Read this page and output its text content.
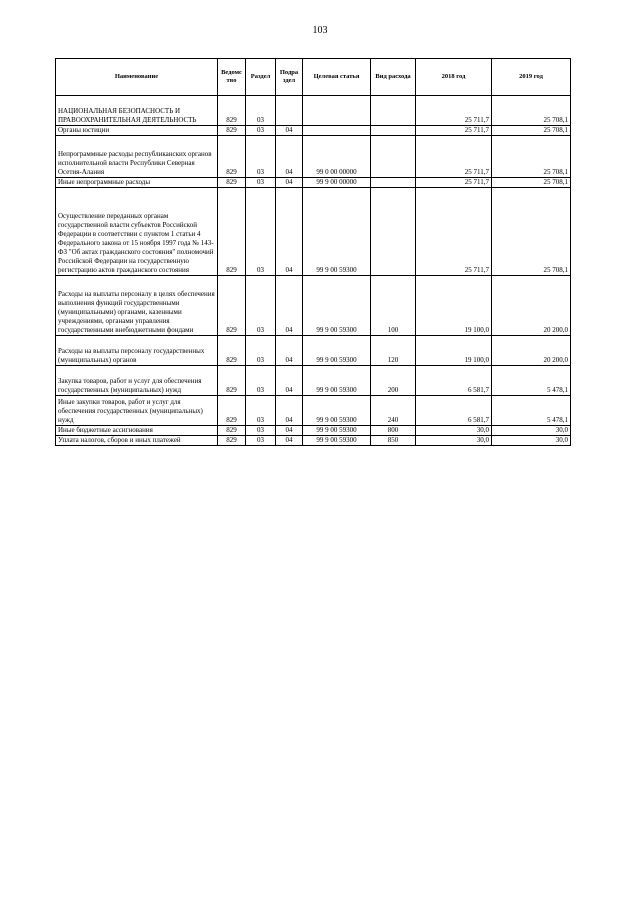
103
Наименование	Ведомс тво	Раздел	Подра здел	Целевая статья	Вид расхода	2018 год	2019 год
НАЦИОНАЛЬНАЯ БЕЗОПАСНОСТЬ И ПРАВООХРАНИТЕЛЬНАЯ ДЕЯТЕЛЬНОСТЬ	829	03				25 711,7	25 708,1
Органы юстиции	829	03	04			25 711,7	25 708,1
Непрограммные расходы республиканских органов исполнительной власти Республики Северная Осетия-Алания	829	03	04	99 0 00 00000		25 711,7	25 708,1
Иные непрограммные расходы	829	03	04	99 9 00 00000		25 711,7	25 708,1
Осуществление переданных органам государственной власти субъектов Российской Федерации в соответствии с пунктом 1 статьи 4 Федерального закона от 15 ноября 1997 года № 143-ФЗ "Об актах гражданского состояния" полномочий Российской Федерации на государственную регистрацию актов гражданского состояния	829	03	04	99 9 00 59300		25 711,7	25 708,1
Расходы на выплаты персоналу в целях обеспечения выполнения функций государственными (муниципальными) органами, казенными учреждениями, органами управления государственными внебюджетными фондами	829	03	04	99 9 00 59300	100	19 100,0	20 200,0
Расходы на выплаты персоналу государственных (муниципальных) органов	829	03	04	99 9 00 59300	120	19 100,0	20 200,0
Закупка товаров, работ и услуг для обеспечения государственных (муниципальных) нужд	829	03	04	99 9 00 59300	200	6 581,7	5 478,1
Иные закупки товаров, работ и услуг для обеспечения государственных (муниципальных) нужд	829	03	04	99 9 00 59300	240	6 581,7	5 478,1
Иные бюджетные ассигнования	829	03	04	99 9 00 59300	800	30,0	30,0
Уплата налогов, сборов и иных платежей	829	03	04	99 9 00 59300	850	30,0	30,0
